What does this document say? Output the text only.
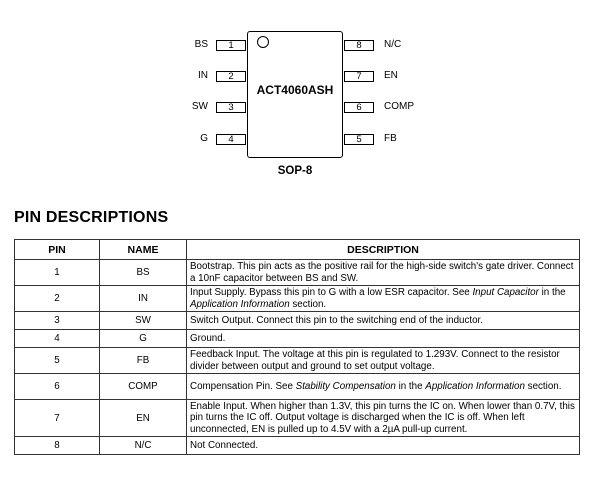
ACT4060ASH
BS	1
IN	2
SW	3
G	4
8	N/C
7	EN
6	COMP
5	FB
SOP-8
PIN DESCRIPTIONS
PIN	NAME	DESCRIPTION
1	BS	Bootstrap. This pin acts as the positive rail for the high-side switch's gate driver. Connect a 10nF capacitor between BS and SW.
2	IN	Input Supply. Bypass this pin to G with a low ESR capacitor. See Input Capacitor in the Application Information section.
3	SW	Switch Output. Connect this pin to the switching end of the inductor.
4	G	Ground.
5	FB	Feedback Input. The voltage at this pin is regulated to 1.293V. Connect to the resistor divider between output and ground to set output voltage.
6	COMP	Compensation Pin. See Stability Compensation in the Application Information section.
7	EN	Enable Input. When higher than 1.3V, this pin turns the IC on. When lower than 0.7V, this pin turns the IC off. Output voltage is discharged when the IC is off. When left unconnected, EN is pulled up to 4.5V with a 2µA pull-up current.
8	N/C	Not Connected.
